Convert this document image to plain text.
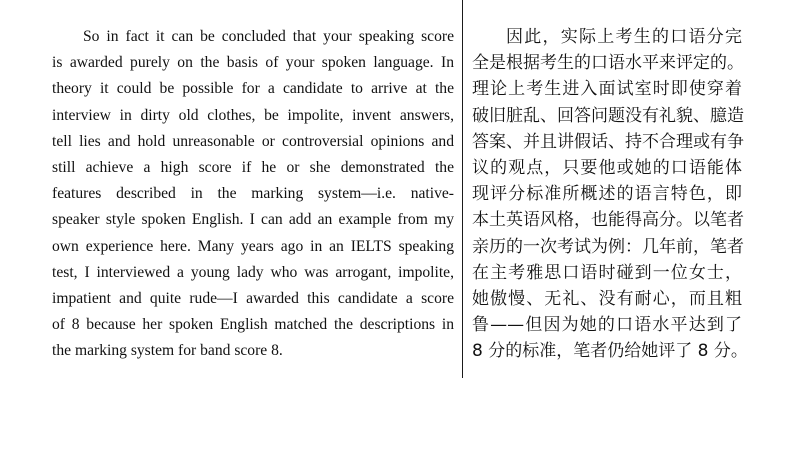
So in fact it can be concluded that your speaking score
is awarded purely on the basis of your spoken language. In
theory it could be possible for a candidate to arrive at the
interview in dirty old clothes, be impolite, invent answers,
tell lies and hold unreasonable or controversial opinions and
still achieve a high score if he or she demonstrated the
features described in the marking system—i.e. native-
speaker style spoken English. I can add an example from my
own experience here. Many years ago in an IELTS speaking
test, I interviewed a young lady who was arrogant, impolite,
impatient and quite rude—I awarded this candidate a score
of 8 because her spoken English matched the descriptions in
the marking system for band score 8.
因此，实际上考生的口语分完
全是根据考生的口语水平来评定的。
理论上考生进入面试室时即使穿着
破旧脏乱、回答问题没有礼貌、臆造
答案、并且讲假话、持不合理或有争
议的观点，只要他或她的口语能体
现评分标准所概述的语言特色，即
本土英语风格，也能得高分。以笔者
亲历的一次考试为例：几年前，笔者
在主考雅思口语时碰到一位女士，
她傲慢、无礼、没有耐心，而且粗
鲁——但因为她的口语水平达到了
8 分的标准，笔者仍给她评了 8 分。
